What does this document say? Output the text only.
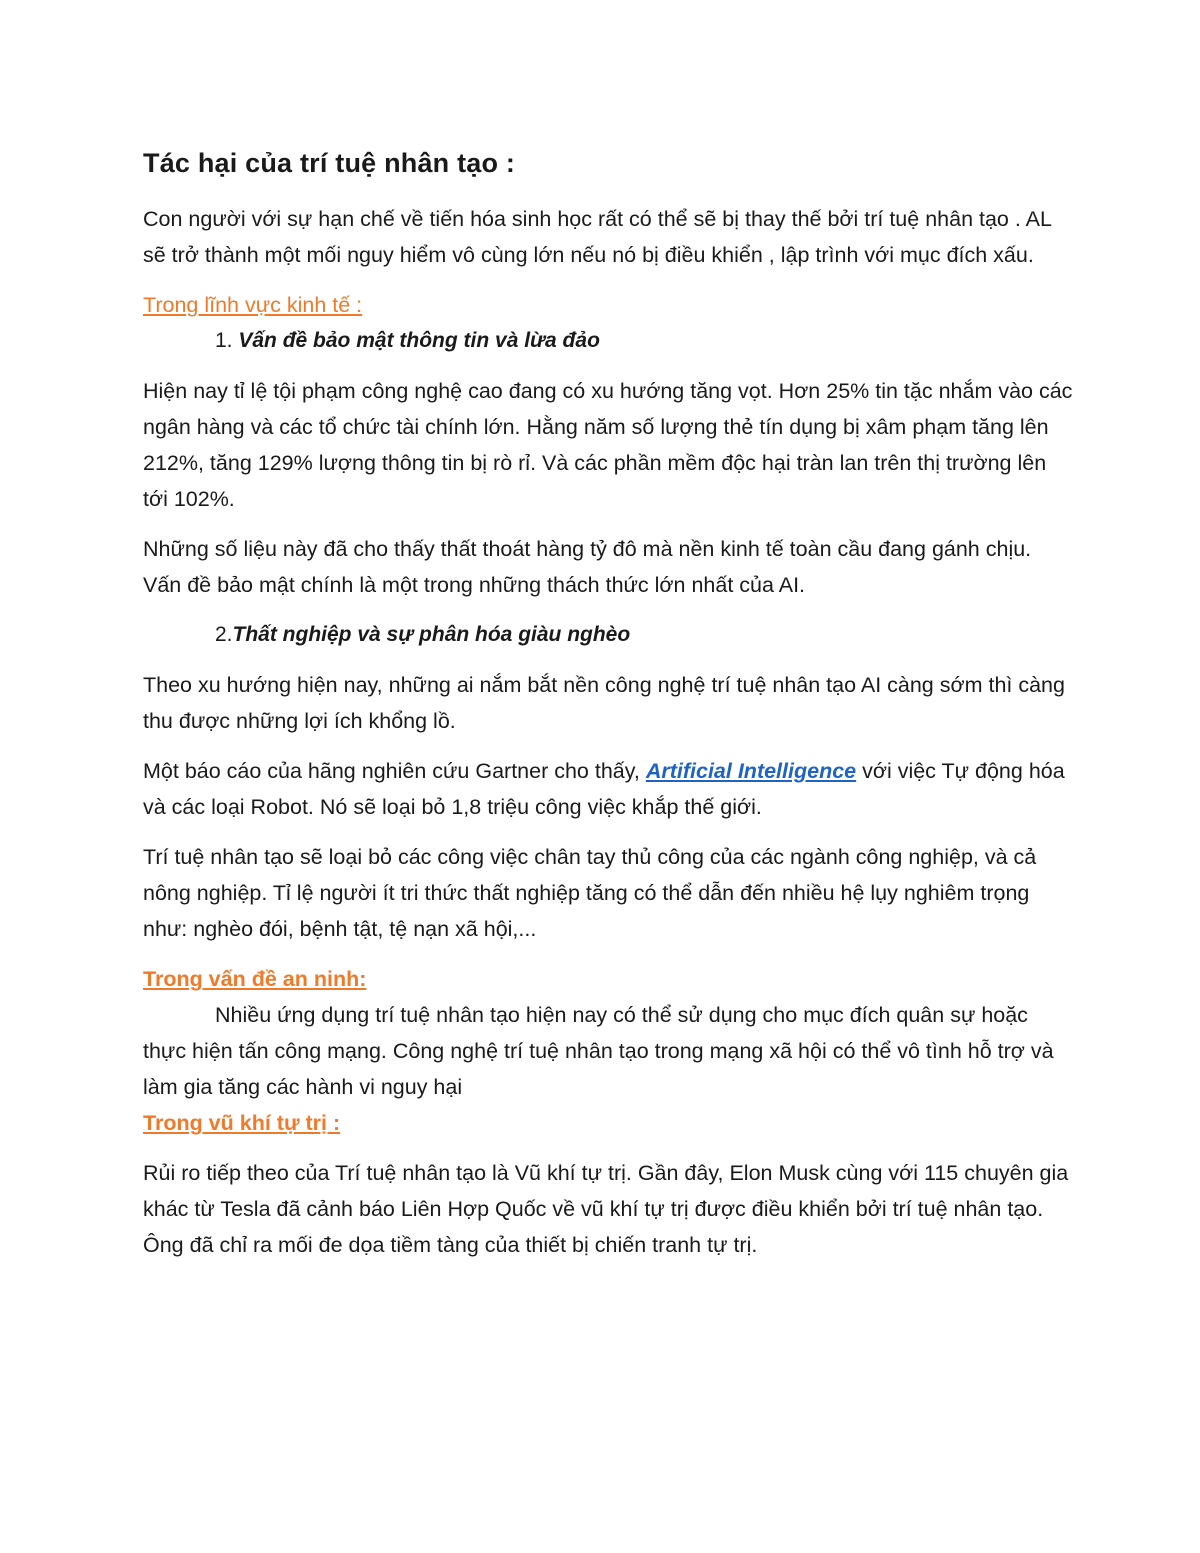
Tác hại của trí tuệ nhân tạo :

Con người với sự hạn chế về tiến hóa sinh học rất có thể sẽ bị thay thế bởi trí tuệ nhân tạo . AL sẽ trở thành một mối nguy hiểm vô cùng lớn nếu nó bị điều khiển , lập trình với mục đích xấu.

Trong lĩnh vực kinh tế :
1. Vấn đề bảo mật thông tin và lừa đảo

Hiện nay tỉ lệ tội phạm công nghệ cao đang có xu hướng tăng vọt. Hơn 25% tin tặc nhắm vào các ngân hàng và các tổ chức tài chính lớn. Hằng năm số lượng thẻ tín dụng bị xâm phạm tăng lên 212%, tăng 129% lượng thông tin bị rò rỉ. Và các phần mềm độc hại tràn lan trên thị trường lên tới 102%.

Những số liệu này đã cho thấy thất thoát hàng tỷ đô mà nền kinh tế toàn cầu đang gánh chịu. Vấn đề bảo mật chính là một trong những thách thức lớn nhất của AI.

2.Thất nghiệp và sự phân hóa giàu nghèo

Theo xu hướng hiện nay, những ai nắm bắt nền công nghệ trí tuệ nhân tạo AI càng sớm thì càng thu được những lợi ích khổng lồ.

Một báo cáo của hãng nghiên cứu Gartner cho thấy, Artificial Intelligence với việc Tự động hóa và các loại Robot. Nó sẽ loại bỏ 1,8 triệu công việc khắp thế giới.

Trí tuệ nhân tạo sẽ loại bỏ các công việc chân tay thủ công của các ngành công nghiệp, và cả nông nghiệp. Tỉ lệ người ít tri thức thất nghiệp tăng có thể dẫn đến nhiều hệ lụy nghiêm trọng như: nghèo đói, bệnh tật, tệ nạn xã hội,...

Trong vấn đề an ninh:

Nhiều ứng dụng trí tuệ nhân tạo hiện nay có thể sử dụng cho mục đích quân sự hoặc thực hiện tấn công mạng. Công nghệ trí tuệ nhân tạo trong mạng xã hội có thể vô tình hỗ trợ và làm gia tăng các hành vi nguy hại

Trong vũ khí tự trị :

Rủi ro tiếp theo của Trí tuệ nhân tạo là Vũ khí tự trị. Gần đây, Elon Musk cùng với 115 chuyên gia khác từ Tesla đã cảnh báo Liên Hợp Quốc về vũ khí tự trị được điều khiển bởi trí tuệ nhân tạo. Ông đã chỉ ra mối đe dọa tiềm tàng của thiết bị chiến tranh tự trị.
